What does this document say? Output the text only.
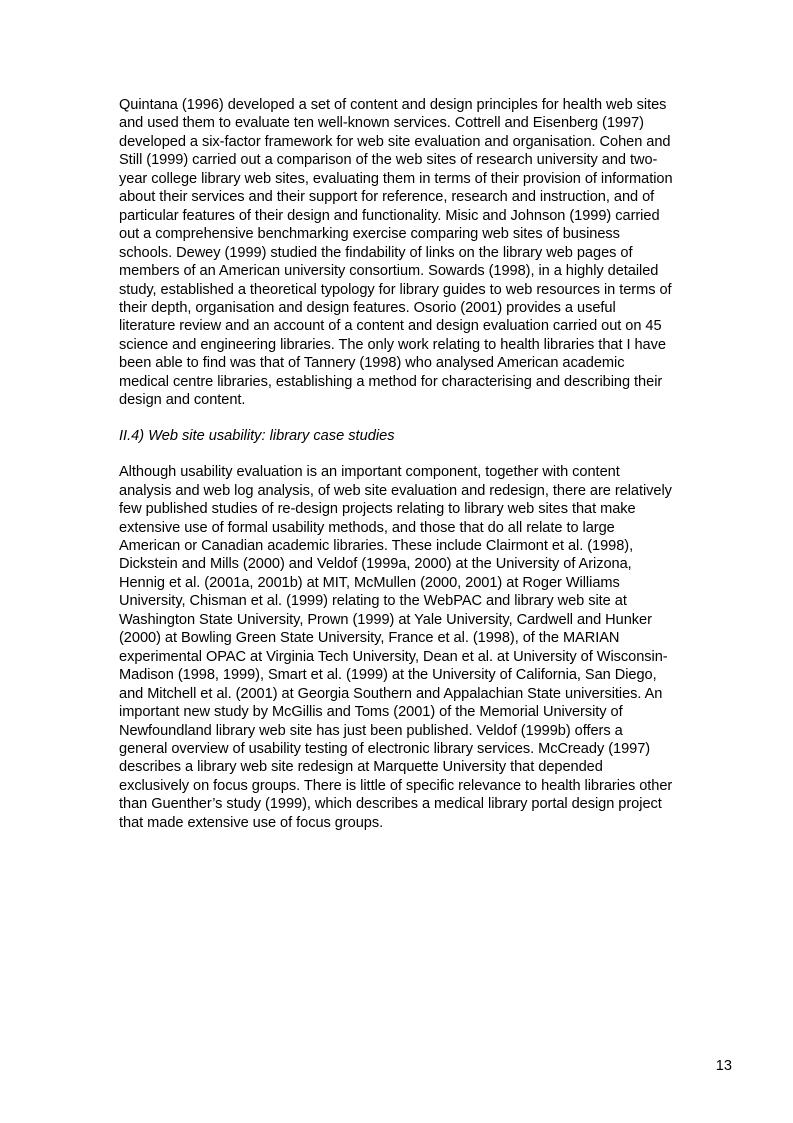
Quintana (1996) developed a set of content and design principles for health web sites
and used them to evaluate ten well-known services. Cottrell and Eisenberg (1997)
developed a six-factor framework for web site evaluation and organisation. Cohen and
Still (1999) carried out a comparison of the web sites of research university and two-
year college library web sites, evaluating them in terms of their provision of information
about their services and their support for reference, research and instruction, and of
particular features of their design and functionality. Misic and Johnson (1999) carried
out a comprehensive benchmarking exercise comparing web sites of business
schools. Dewey (1999) studied the findability of links on the library web pages of
members of an American university consortium. Sowards (1998), in a highly detailed
study, established a theoretical typology for library guides to web resources in terms of
their depth, organisation and design features. Osorio (2001) provides a useful
literature review and an account of a content and design evaluation carried out on 45
science and engineering libraries. The only work relating to health libraries that I have
been able to find was that of Tannery (1998) who analysed American academic
medical centre libraries, establishing a method for characterising and describing their
design and content.

II.4) Web site usability: library case studies

Although usability evaluation is an important component, together with content
analysis and web log analysis, of web site evaluation and redesign, there are relatively
few published studies of re-design projects relating to library web sites that make
extensive use of formal usability methods, and those that do all relate to large
American or Canadian academic libraries. These include Clairmont et al. (1998),
Dickstein and Mills (2000) and Veldof (1999a, 2000) at the University of Arizona,
Hennig et al. (2001a, 2001b) at MIT, McMullen (2000, 2001) at Roger Williams
University, Chisman et al. (1999) relating to the WebPAC and library web site at
Washington State University, Prown (1999) at Yale University, Cardwell and Hunker
(2000) at Bowling Green State University, France et al. (1998), of the MARIAN
experimental OPAC at Virginia Tech University, Dean et al. at University of Wisconsin-
Madison (1998, 1999), Smart et al. (1999) at the University of California, San Diego,
and Mitchell et al. (2001) at Georgia Southern and Appalachian State universities. An
important new study by McGillis and Toms (2001) of the Memorial University of
Newfoundland library web site has just been published. Veldof (1999b) offers a
general overview of usability testing of electronic library services. McCready (1997)
describes a library web site redesign at Marquette University that depended
exclusively on focus groups. There is little of specific relevance to health libraries other
than Guenther’s study (1999), which describes a medical library portal design project
that made extensive use of focus groups.

13
